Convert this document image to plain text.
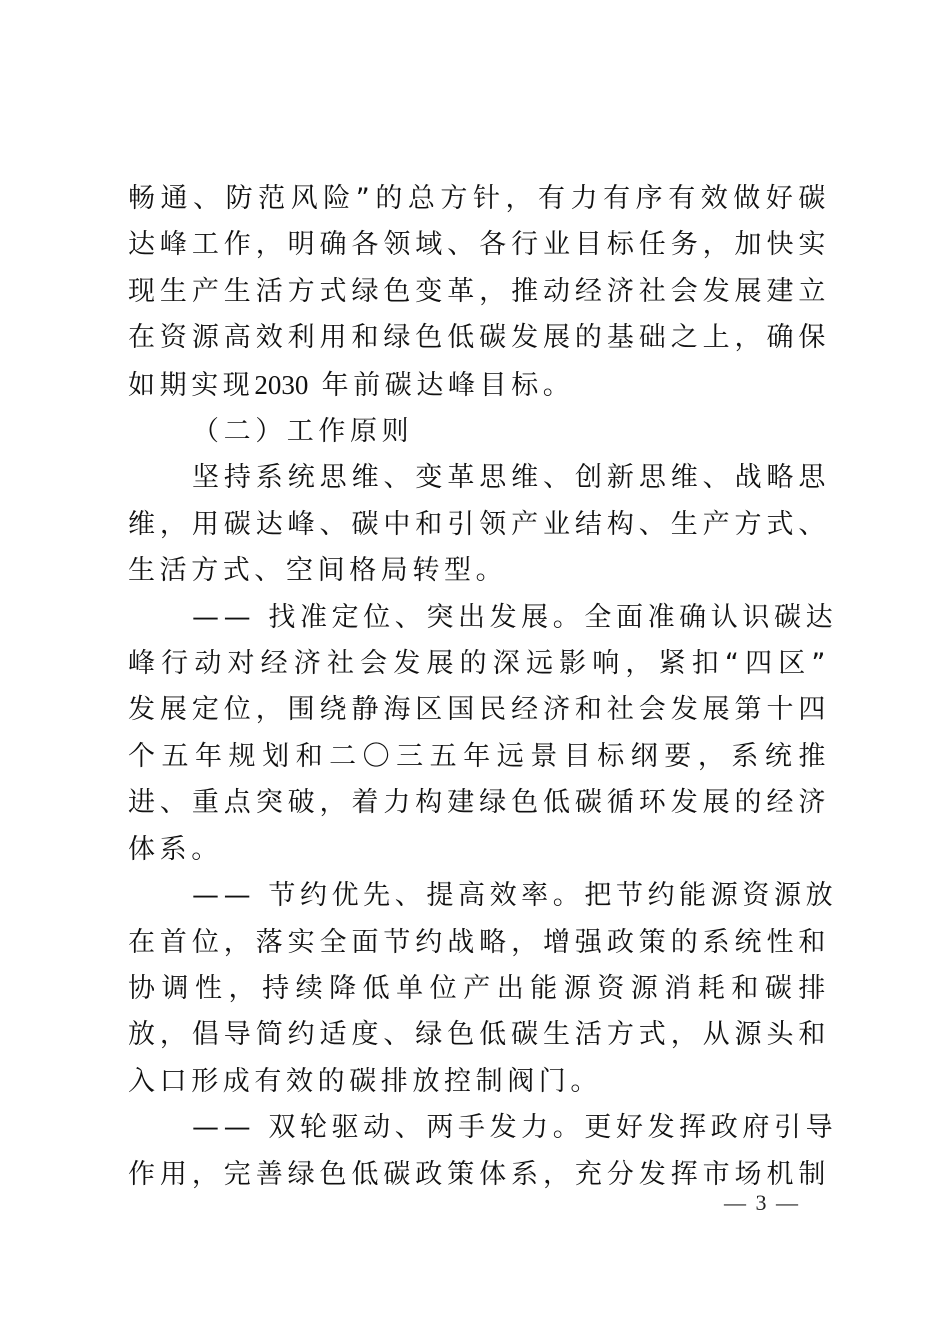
畅通、防范风险”的总方针，有力有序有效做好碳
达峰工作，明确各领域、各行业目标任务，加快实
现生产生活方式绿色变革，推动经济社会发展建立
在资源高效利用和绿色低碳发展的基础之上，确保
如期实现2030 年前碳达峰目标。
（二）工作原则
坚持系统思维、变革思维、创新思维、战略思
维，用碳达峰、碳中和引领产业结构、生产方式、
生活方式、空间格局转型。
—— 找准定位、突出发展。全面准确认识碳达
峰行动对经济社会发展的深远影响，紧扣“四区”
发展定位，围绕静海区国民经济和社会发展第十四
个五年规划和二〇三五年远景目标纲要，系统推
进、重点突破，着力构建绿色低碳循环发展的经济
体系。
—— 节约优先、提高效率。把节约能源资源放
在首位，落实全面节约战略，增强政策的系统性和
协调性，持续降低单位产出能源资源消耗和碳排
放，倡导简约适度、绿色低碳生活方式，从源头和
入口形成有效的碳排放控制阀门。
—— 双轮驱动、两手发力。更好发挥政府引导
作用，完善绿色低碳政策体系，充分发挥市场机制
— 3 —
